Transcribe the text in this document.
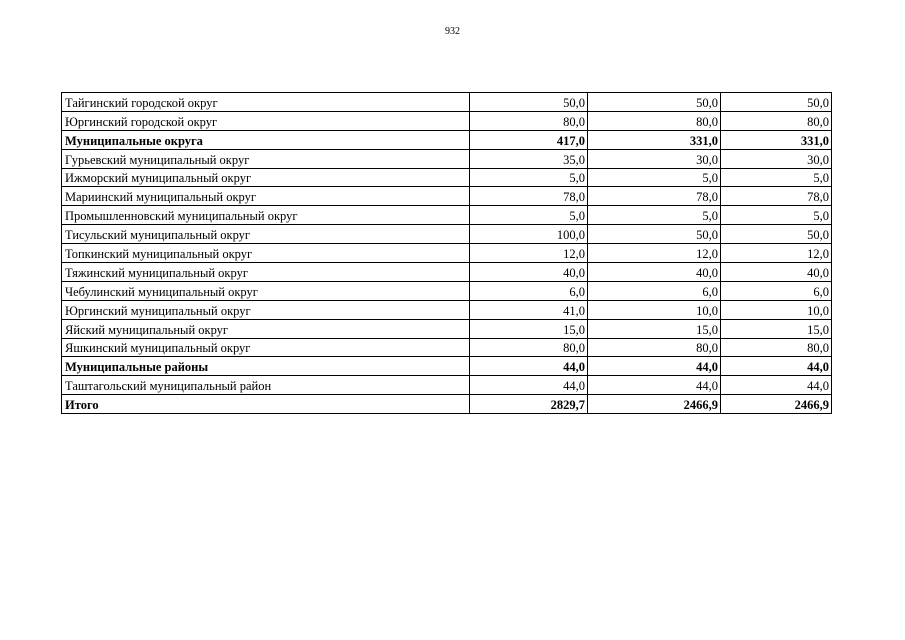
932
Тайгинский городской округ	50,0	50,0	50,0
Юргинский городской округ	80,0	80,0	80,0
Муниципальные округа	417,0	331,0	331,0
Гурьевский муниципальный округ	35,0	30,0	30,0
Ижморский муниципальный округ	5,0	5,0	5,0
Мариинский муниципальный округ	78,0	78,0	78,0
Промышленновский муниципальный округ	5,0	5,0	5,0
Тисульский муниципальный округ	100,0	50,0	50,0
Топкинский муниципальный округ	12,0	12,0	12,0
Тяжинский муниципальный округ	40,0	40,0	40,0
Чебулинский муниципальный округ	6,0	6,0	6,0
Юргинский муниципальный округ	41,0	10,0	10,0
Яйский муниципальный округ	15,0	15,0	15,0
Яшкинский муниципальный округ	80,0	80,0	80,0
Муниципальные районы	44,0	44,0	44,0
Таштагольский муниципальный район	44,0	44,0	44,0
Итого	2829,7	2466,9	2466,9
